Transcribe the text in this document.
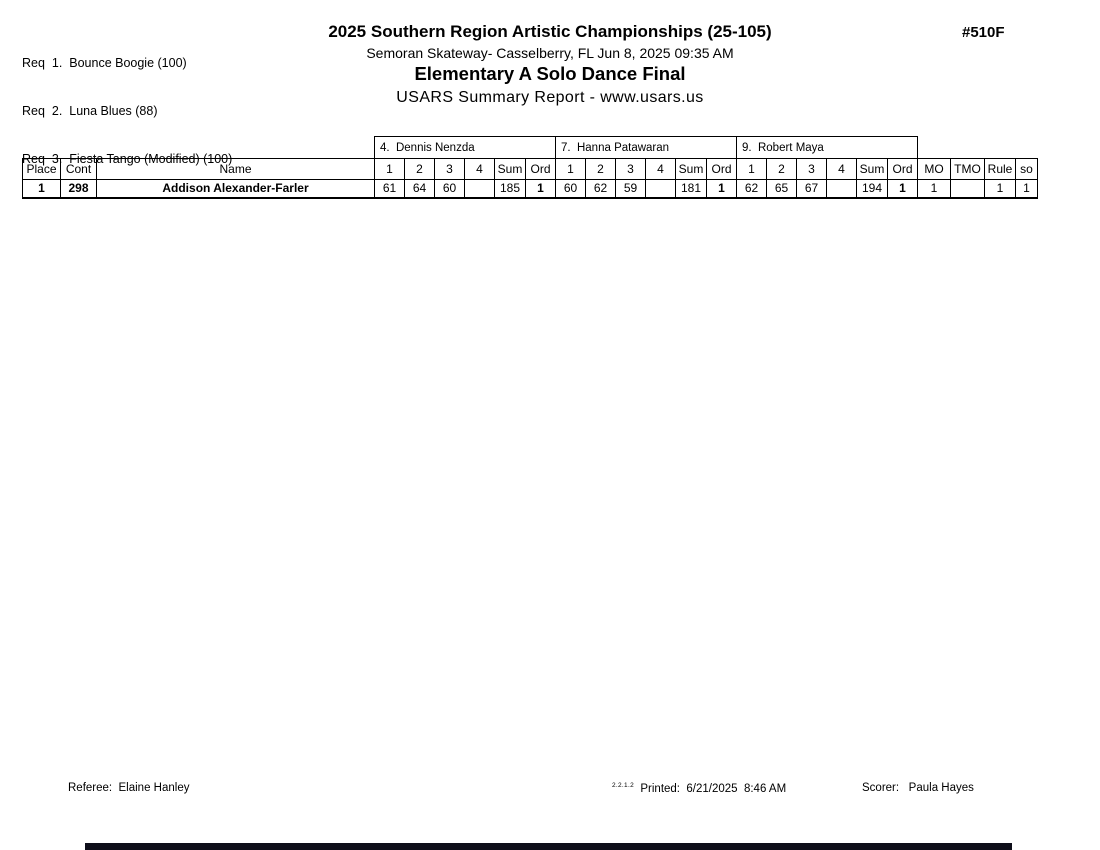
Req  1.  Bounce Boogie (100)

Req  2.  Luna Blues (88)

Req  3.  Fiesta Tango (Modified) (100)

2025 Southern Region Artistic Championships (25-105)
Semoran Skateway- Casselberry, FL Jun 8, 2025 09:35 AM
Elementary A Solo Dance Final
USARS Summary Report - www.usars.us
#510F
			4.  Dennis Nenzda						7.  Hanna Patawaran						9.  Robert Maya									
Place	Cont	Name	1	2	3	4	Sum	Ord	1	2	3	4	Sum	Ord	1	2	3	4	Sum	Ord	MO	TMO	Rule	so
1	298	Addison Alexander-Farler	61	64	60		185	1	60	62	59		181	1	62	65	67		194	1	1		1	1
Referee: Elaine Hanley	$^{2.2.1.2}$ Printed: 6/21/2025  8:46 AM	Scorer: Paula Hayes
